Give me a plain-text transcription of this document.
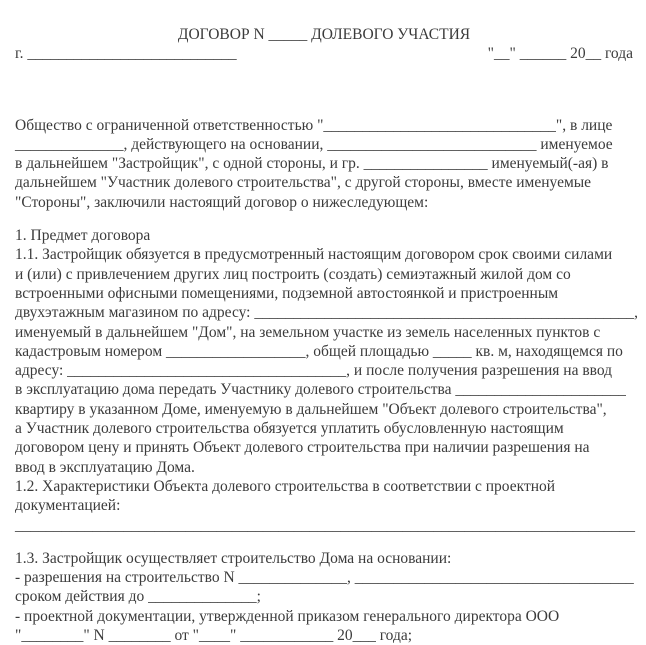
ДОГОВОР N _____ ДОЛЕВОГО УЧАСТИЯ
г. ___________________________	"__" ______ 20__ года
Общество с ограниченной ответственностью "______________________________", в лице
______________, действующего на основании, ___________________________ именуемое
в дальнейшем "Застройщик", с одной стороны, и гр. ________________ именуемый(-ая) в
дальнейшем "Участник долевого строительства", с другой стороны, вместе именуемые
"Стороны", заключили настоящий договор о нижеследующем:
1. Предмет договора
1.1. Застройщик обязуется в предусмотренный настоящим договором срок своими силами
и (или) с привлечением других лиц построить (создать) семиэтажный жилой дом со
встроенными офисными помещениями, подземной автостоянкой и пристроенным
двухэтажным магазином по адресу: _________________________________________________,
именуемый в дальнейшем "Дом", на земельном участке из земель населенных пунктов с
кадастровым номером __________________, общей площадью _____ кв. м, находящемся по
адресу: ____________________________________, и после получения разрешения на ввод
в эксплуатацию дома передать Участнику долевого строительства ______________________
квартиру в указанном Доме, именуемую в дальнейшем "Объект долевого строительства",
а Участник долевого строительства обязуется уплатить обусловленную настоящим
договором цену и принять Объект долевого строительства при наличии разрешения на
ввод в эксплуатацию Дома.
1.2. Характеристики Объекта долевого строительства в соответствии с проектной
документацией:
________________________________________________________________________________
1.3. Застройщик осуществляет строительство Дома на основании:
- разрешения на строительство N ______________, ____________________________________
сроком действия до ______________;
- проектной документации, утвержденной приказом генерального директора ООО
"________" N ________ от "____" ____________ 20___ года;
